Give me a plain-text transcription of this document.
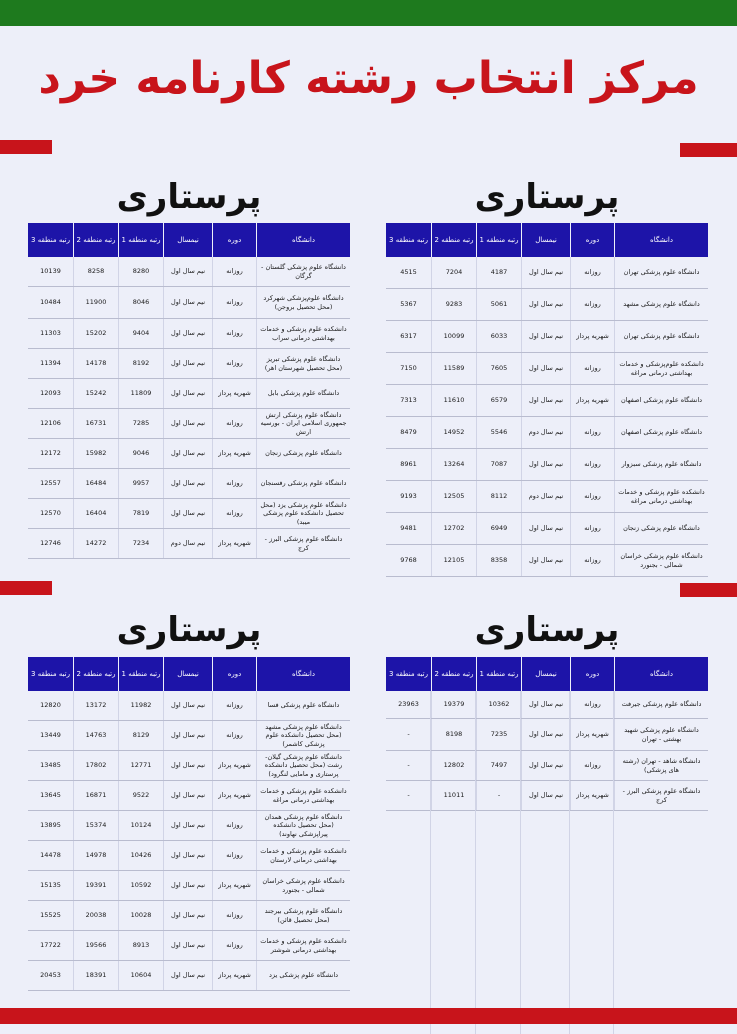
مرکز انتخاب رشته کارنامه خرد
پرستاری
پرستاری
پرستاری
پرستاری
دانشگاه
دوره
نیمسال
رتبه منطقه 1
رتبه منطقه 2
رتبه منطقه 3
دانشگاه علوم پزشکی تهران
روزانه
نیم سال اول
4187
7204
4515
دانشگاه علوم پزشکی مشهد
روزانه
نیم سال اول
5061
9283
5367
دانشگاه علوم پزشکی تهران
شهریه پرداز
نیم سال اول
6033
10099
6317
دانشکده علوم‌پزشکی و خدمات بهداشتی درمانی مراغه
روزانه
نیم سال اول
7605
11589
7150
دانشگاه علوم پزشکی اصفهان
شهریه پرداز
نیم سال اول
6579
11610
7313
دانشگاه علوم پزشکی اصفهان
روزانه
نیم سال دوم
5546
14952
8479
دانشگاه علوم پزشکی سبزوار
روزانه
نیم سال اول
7087
13264
8961
دانشکده علوم پزشکی و خدمات بهداشتی درمانی مراغه
روزانه
نیم سال دوم
8112
12505
9193
دانشگاه علوم پزشکی زنجان
روزانه
نیم سال اول
6949
12702
9481
دانشگاه علوم پزشکی خراسان شمالی - بجنورد
روزانه
نیم سال اول
8358
12105
9768
دانشگاه
دوره
نیمسال
رتبه منطقه 1
رتبه منطقه 2
رتبه منطقه 3
دانشگاه علوم پزشکی گلستان - گرگان
روزانه
نیم سال اول
8280
8258
10139
دانشگاه علوم‌پزشکی شهرکرد (محل تحصیل بروجن)
روزانه
نیم سال اول
8046
11900
10484
دانشکده علوم پزشکی و خدمات بهداشتی درمانی سراب
روزانه
نیم سال اول
9404
15202
11303
دانشگاه علوم پزشکی تبریز (محل تحصیل شهرستان اهر)
روزانه
نیم سال اول
8192
14178
11394
دانشگاه علوم پزشکی بابل
شهریه پرداز
نیم سال اول
11809
15242
12093
دانشگاه علوم پزشکی ارتش جمهوری اسلامی ایران - بورسیه ارتش
روزانه
نیم سال اول
7285
16731
12106
دانشگاه علوم پزشکی زنجان
شهریه پرداز
نیم سال اول
9046
15982
12172
دانشگاه علوم پزشکی رفسنجان
روزانه
نیم سال اول
9957
16484
12557
دانشگاه علوم پزشکی یزد (محل تحصیل دانشکده علوم پزشکی میبد)
روزانه
نیم سال اول
7819
16404
12570
دانشگاه علوم پزشکی البرز - کرج
شهریه پرداز
نیم سال دوم
7234
14272
12746
دانشگاه
دوره
نیمسال
رتبه منطقه 1
رتبه منطقه 2
رتبه منطقه 3
دانشگاه علوم پزشکی جیرفت
روزانه
نیم سال اول
10362
19379
23963
دانشگاه علوم پزشکی شهید بهشتی - تهران
شهریه پرداز
نیم سال اول
7235
8198
-
دانشگاه شاهد - تهران (رشته های پزشکی)
روزانه
نیم سال اول
7497
12802
-
دانشگاه علوم پزشکی البرز - کرج
شهریه پرداز
نیم سال اول
-
11011
-
دانشگاه
دوره
نیمسال
رتبه منطقه 1
رتبه منطقه 2
رتبه منطقه 3
دانشگاه علوم پزشکی فسا
روزانه
نیم سال اول
11982
13172
12820
دانشگاه علوم پزشکی مشهد (محل تحصیل دانشکده علوم پزشکی کاشمر)
روزانه
نیم سال اول
8129
14763
13449
دانشگاه علوم پزشکی گیلان- رشت (محل تحصیل دانشکده پرستاری و مامایی لنگرود)
شهریه پرداز
نیم سال اول
12771
17802
13485
دانشکده علوم پزشکی و خدمات بهداشتی درمانی مراغه
شهریه پرداز
نیم سال اول
9522
16871
13645
دانشگاه علوم پزشکی همدان (محل تحصیل دانشکده پیراپزشکی نهاوند)
روزانه
نیم سال اول
10124
15374
13895
دانشکده علوم پزشکی و خدمات بهداشتی درمانی لارستان
روزانه
نیم سال اول
10426
14978
14478
دانشگاه علوم پزشکی خراسان شمالی - بجنورد
شهریه پرداز
نیم سال اول
10592
19391
15135
دانشگاه علوم پزشکی بیرجند (محل تحصیل قائن)
روزانه
نیم سال اول
10028
20038
15525
دانشکده علوم پزشکی و خدمات بهداشتی درمانی شوشتر
روزانه
نیم سال اول
8913
19566
17722
دانشگاه علوم پزشکی یزد
شهریه پرداز
نیم سال اول
10604
18391
20453
